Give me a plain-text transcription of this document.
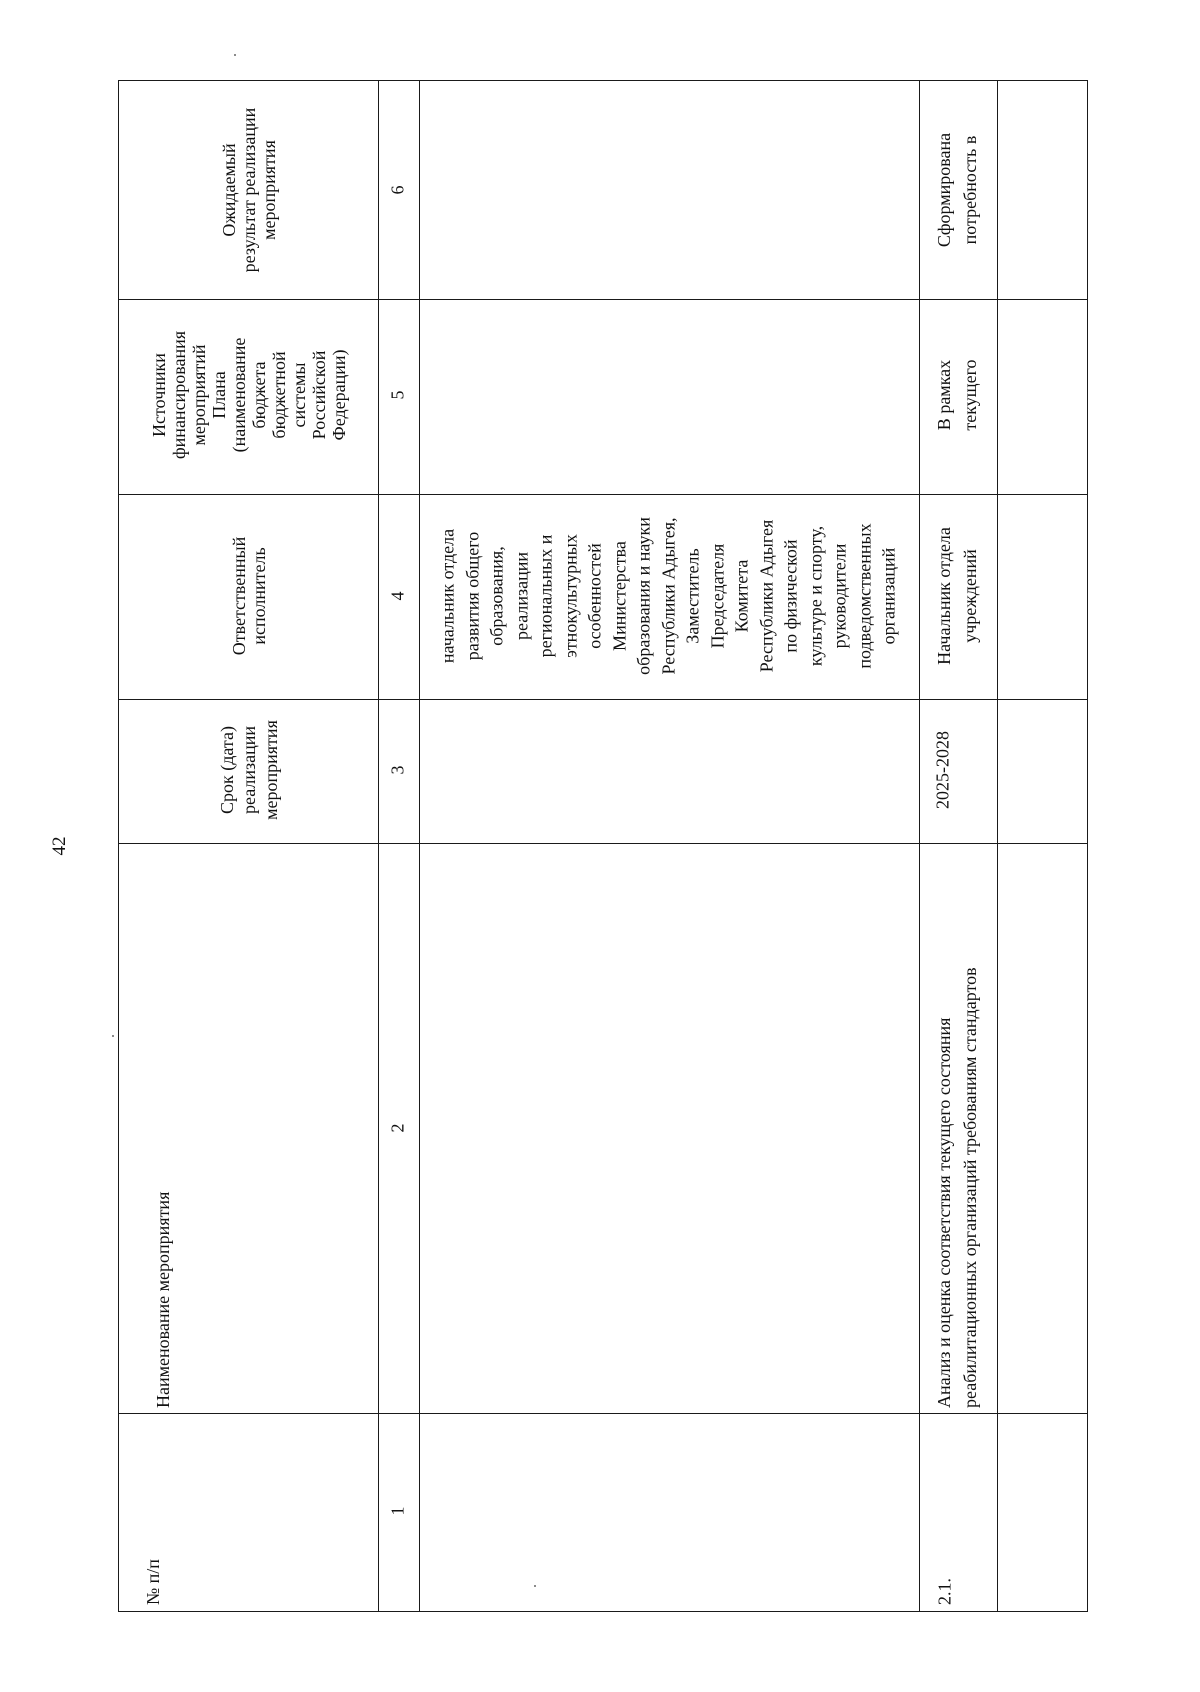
42
Ожидаемый
результат реализации
мероприятия
Источники
финансирования
мероприятий
Плана
(наименование
бюджета
бюджетной
системы
Российской
Федерации)
Ответственный
исполнитель
Срок (дата)
реализации
мероприятия
Наименование мероприятия
№ п/п
6
5
4
3
2
1
начальник отдела
развития общего
образования,
реализации
региональных и
этнокультурных
особенностей
Министерства
образования и науки
Республики Адыгея,
Заместитель
Председателя
Комитета
Республики Адыгея
по физической
культуре и спорту,
руководители
подведомственных
организаций
Сформирована
потребность в
В рамках
текущего
Начальник отдела
учреждений
2025-2028
Анализ и оценка соответствия текущего состояния
реабилитационных организаций требованиям стандартов
2.1.
